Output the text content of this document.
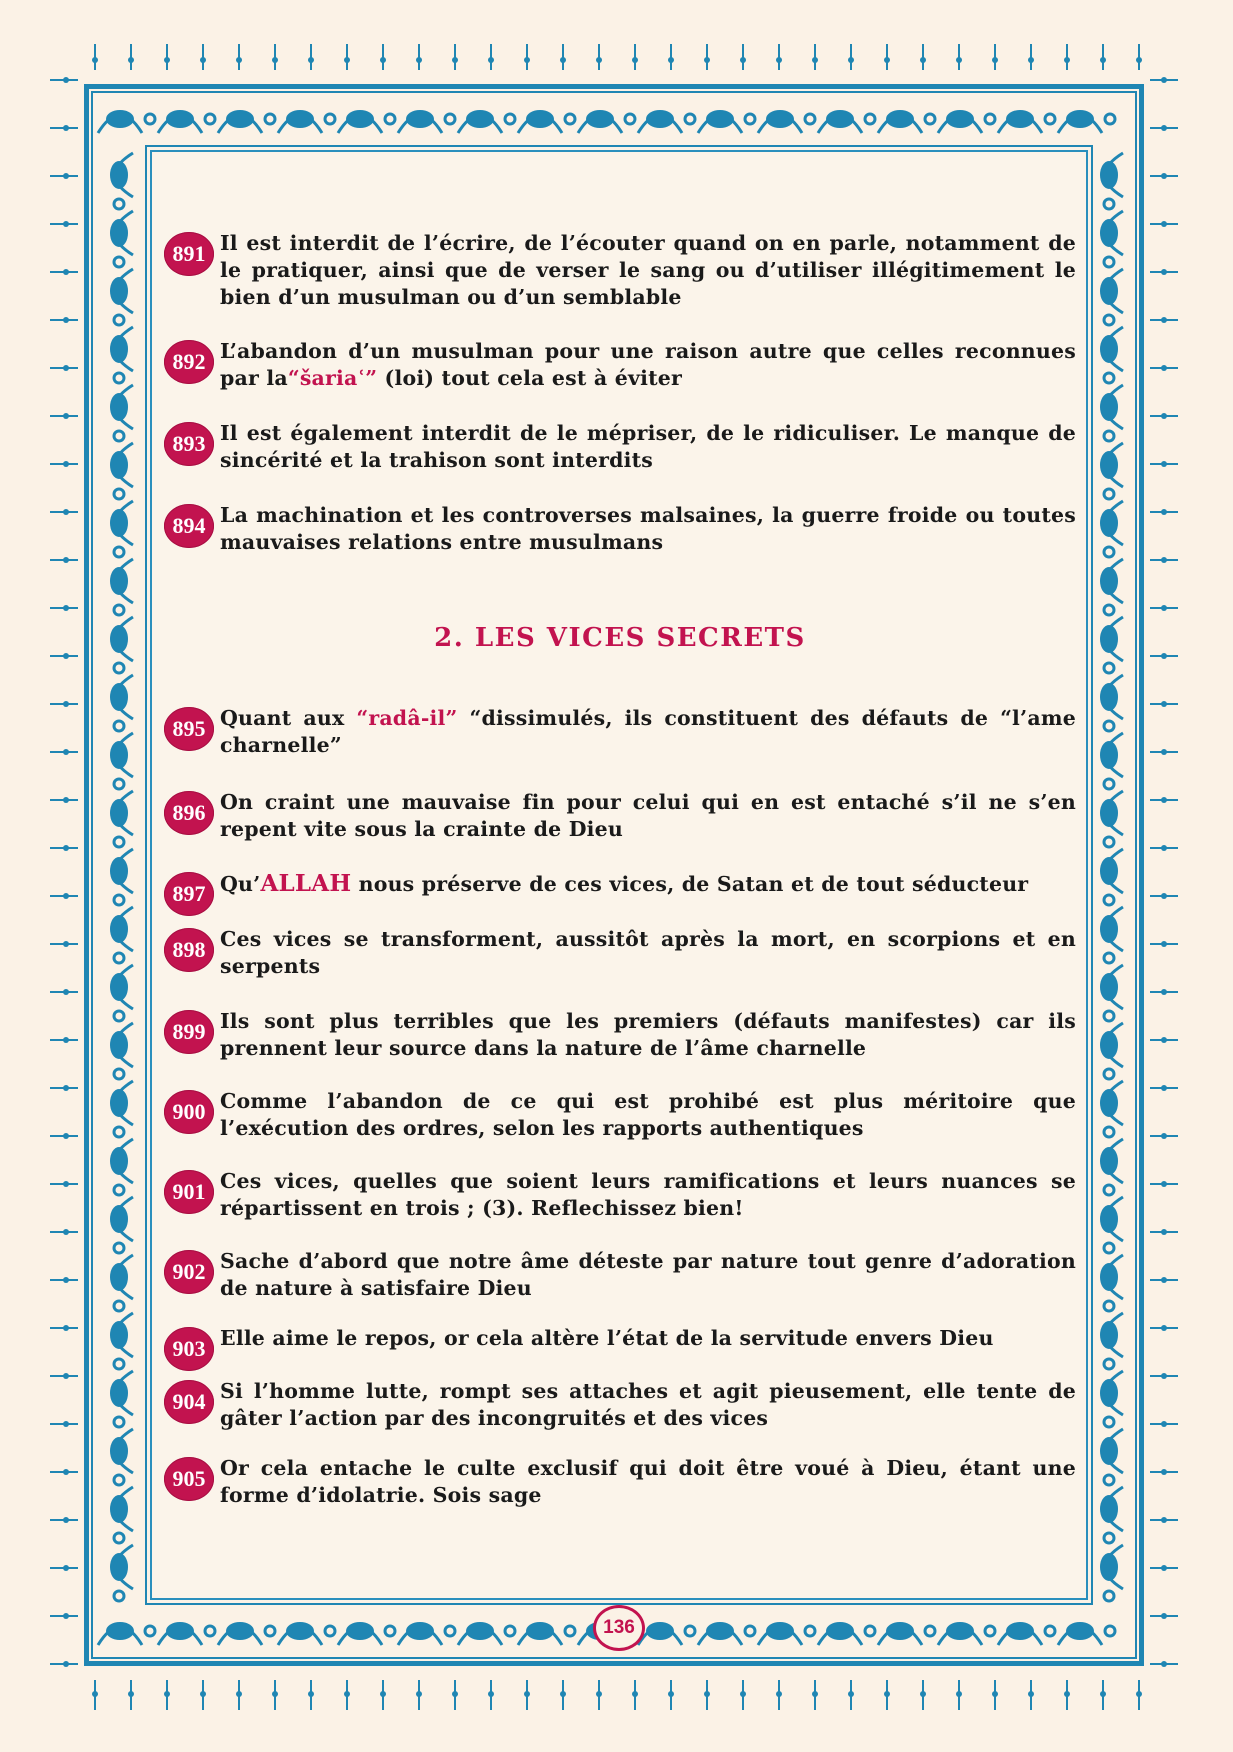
891 Il est interdit de l’écrire, de l’écouter quand on en parle, notamment de le pratiquer, ainsi que de verser le sang ou d’utiliser illégitimement le bien d’un musulman ou d’un semblable
892 L’abandon d’un musulman pour une raison autre que celles reconnues par la“šariaʿ” (loi) tout cela est à éviter
893 Il est également interdit de le mépriser, de le ridiculiser. Le manque de sincérité et la trahison sont interdits
894 La machination et les controverses malsaines, la guerre froide ou toutes mauvaises relations entre musulmans
2. LES VICES SECRETS
895 Quant aux “radâ-il” “dissimulés, ils constituent des défauts de “l’ame charnelle”
896 On craint une mauvaise fin pour celui qui en est entaché s’il ne s’en repent vite sous la crainte de Dieu
897 Qu’ALLAH nous préserve de ces vices, de Satan et de tout séducteur
898 Ces vices se transforment, aussitôt après la mort, en scorpions et en serpents
899 Ils sont plus terribles que les premiers (défauts manifestes) car ils prennent leur source dans la nature de l’âme charnelle
900 Comme l’abandon de ce qui est prohibé est plus méritoire que l’exécution des ordres, selon les rapports authentiques
901 Ces vices, quelles que soient leurs ramifications et leurs nuances se répartissent en trois ; (3). Reflechissez bien!
902 Sache d’abord que notre âme déteste par nature tout genre d’adoration de nature à satisfaire Dieu
903 Elle aime le repos, or cela altère l’état de la servitude envers Dieu
904 Si l’homme lutte, rompt ses attaches et agit pieusement, elle tente de gâter l’action par des incongruités et des vices
905 Or cela entache le culte exclusif qui doit être voué à Dieu, étant une forme d’idolatrie. Sois sage
136
